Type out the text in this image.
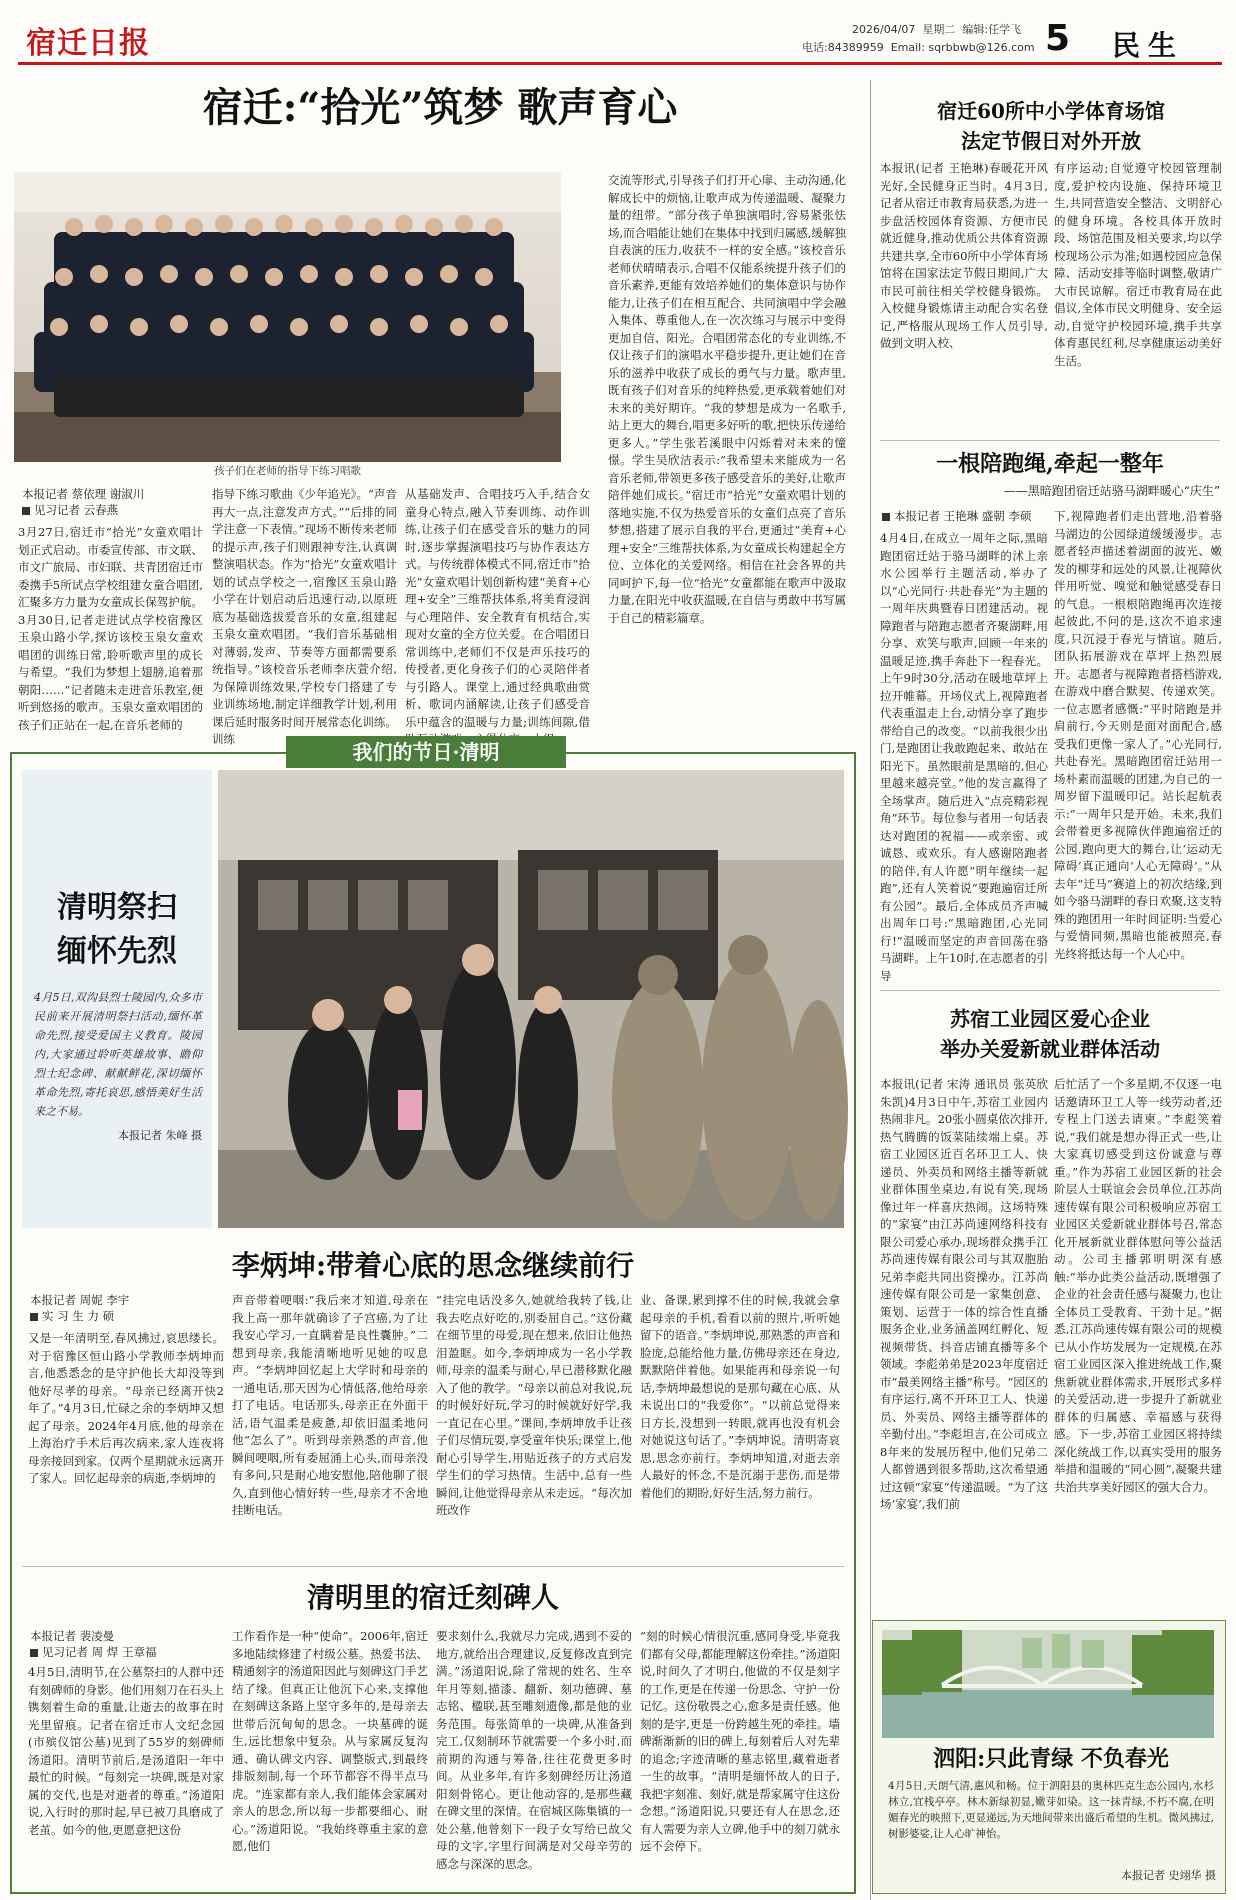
宿迁日报	2026/04/07 星期二 编辑:任学飞
电话:84389959 Email: sqrbbwb@126.com 5 民生
宿迁:“拾光”筑梦 歌声育心
孩子们在老师的指导下练习唱歌
本报记者 蔡依理 谢淑川
见习记者 云春燕
3月27日,宿迁市“拾光”女童欢唱计划正式启动。市委宣传部、市文联、市文广旅局、市妇联、共青团宿迁市委携手5所试点学校组建女童合唱团,汇聚多方力量为女童成长保驾护航。3月30日,记者走进试点学校宿豫区玉泉山路小学,探访该校玉泉女童欢唱团的训练日常,聆听歌声里的成长与希望。“我们为梦想上翅膀,追着那朝阳……”记者随未走进音乐教室,便听到悠扬的歌声。玉泉女童欢唱团的孩子们正站在一起,在音乐老师的
指导下练习歌曲《少年追光》。“声音再大一点,注意发声方式。”“后排的同学注意一下表情。”现场不断传来老师的提示声,孩子们则跟神专注,认真调整演唱状态。作为“拾光”女童欢唱计划的试点学校之一,宿豫区玉泉山路小学在计划启动后迅速行动,以原班底为基础选拔爱音乐的女童,组建起玉泉女童欢唱团。“我们音乐基础相对薄弱,发声、节奏等方面都需要系统指导。”该校音乐老师李庆萱介绍,为保障训练效果,学校专门搭建了专业训练场地,制定详细教学计划,利用课后延时服务时间开展常态化训练。训练
从基础发声、合唱技巧入手,结合女童身心特点,融入节奏训练、动作训练,让孩子们在感受音乐的魅力的同时,逐步掌握演唱技巧与协作表达方式。与传统群体模式不同,宿迁市“拾光”女童欢唱计划创新构建“美育+心理+安全”三维帮扶体系,将美育浸润与心理陪伴、安全教育有机结合,实现对女童的全方位关爱。在合唱团日常训练中,老师们不仅是声乐技巧的传授者,更化身孩子们的心灵陪伴者与引路人。课堂上,通过经典歌曲赏析、歌词内涵解读,让孩子们感受音乐中蕴含的温暖与力量;训练间隙,借
交流等形式,引导孩子们打开心扉、主动沟通,化解成长中的烦恼,让歌声成为传递温暖、凝聚力量的纽带。“部分孩子单独演唱时,容易紧张怯场,而合唱能让她们在集体中找到归属感,缓解独自表演的压力,收获不一样的安全感。”该校音乐老师伏晴晴表示,合唱不仅能系统提升孩子们的音乐素养,更能有效培养她们的集体意识与协作能力,让孩子们在相互配合、共同演唱中学会融入集体、尊重他人,在一次次练习与展示中变得更加自信、阳光。合唱团常态化的专业训练,不仅让孩子们的演唱水平稳步提升,更让她们在音乐的滋养中收获了成长的勇气与力量。歌声里,既有孩子们对音乐的纯粹热爱,更承载着她们对未来的美好期许。“我的梦想是成为一名歌手,站上更大的舞台,唱更多好听的歌,把快乐传递给更多人。”学生张若溪眼中闪烁着对未来的憧憬。学生吴欣洁表示:“我希望未来能成为一名音乐老师,带领更多孩子感受音乐的美好,让歌声陪伴她们成长。”宿迁市“拾光”女童欢唱计划的落地实施,不仅为热爱音乐的女童们点亮了音乐梦想,搭建了展示自我的平台,更通过“美育+心理+安全”三维帮扶体系,为女童成长构建起全方位、立体化的关爱网络。相信在社会各界的共同呵护下,每一位“拾光”女童都能在歌声中汲取力量,在阳光中收获温暖,在自信与勇敢中书写属于自己的精彩篇章。
宿迁60所中小学体育场馆
法定节假日对外开放
本报讯(记者 王艳琳)春暖花开风光好,全民健身正当时。4月3日,记者从宿迁市教育局获悉,为进一步盘活校园体育资源、方便市民就近健身,推动优质公共体育资源共建共享,全市60所中小学体育场馆将在国家法定节假日期间,广大市民可前往相关学校健身锻炼。入校健身锻炼请主动配合实名登记,严格服从现场工作人员引导,做到文明入校、
有序运动;自觉遵守校园管理制度,爱护校内设施、保持环境卫生,共同营造安全整洁、文明舒心的健身环境。各校具体开放时段、场馆范围及相关要求,均以学校现场公示为准;如遇校园应急保障、活动安排等临时调整,敬请广大市民谅解。宿迁市教育局在此倡议,全体市民文明健身、安全运动,自觉守护校园环境,携手共享体育惠民红利,尽享健康运动美好生活。
一根陪跑绳,牵起一整年
——黑暗跑团宿迁站骆马湖畔暖心“庆生”
本报记者 王艳琳 盛朝 李硕
4月4日,在成立一周年之际,黑暗跑团宿迁站于骆马湖畔的沭上亲水公园举行主题活动,举办了以“心光同行·共赴春光”为主题的一周年庆典暨春日团建活动。视障跑者与陪跑志愿者齐聚湖畔,用分享、欢笑与歌声,回顾一年来的温暖足迹,携手奔赴下一程春光。上午9时30分,活动在暖地草坪上拉开帷幕。开场仪式上,视障跑者代表重温走上台,动情分享了跑步带给自己的改变。“以前我很少出门,是跑团让我敢跑起来、敢站在阳光下。虽然眼前是黑暗的,但心里越来越亮堂。”他的发言赢得了全场掌声。随后进入“点亮精彩视角”环节。每位参与者用一句话表达对跑团的祝福——或亲密、或诚恳、或欢乐。有人感谢陪跑者的陪伴,有人许愿“明年继续一起跑”,还有人笑着说“要跑遍宿迁所有公园”。最后,全体成员齐声喊出周年口号:“黑暗跑团,心光同行!”温暖而坚定的声音回荡在骆马湖畔。上午10时,在志愿者的引导
下,视障跑者们走出营地,沿着骆马湖边的公园绿道缓缓漫步。志愿者轻声描述着湖面的波光、嫩发的柳芽和远处的风景,让视障伙伴用听觉、嗅觉和触觉感受春日的气息。一根根陪跑绳再次连接起彼此,不问的是,这次不追求速度,只沉浸于春光与情谊。随后,团队拓展游戏在草坪上热烈展开。志愿者与视障跑者搭档游戏,在游戏中磨合默契、传递欢笑。一位志愿者感慨:“平时陪跑是并肩前行,今天则是面对面配合,感受我们更像一家人了。”心光同行,共赴春光。黑暗跑团宿迁站用一场朴素而温暖的团建,为自己的一周岁留下温暖印记。站长起航表示:“一周年只是开始。未来,我们会带着更多视障伙伴跑遍宿迁的公园,跑向更大的舞台,让‘运动无障碍’真正通向‘人心无障碍’。”从去年“迁马”赛道上的初次结缘,到如今骆马湖畔的春日欢聚,这支特殊的跑团用一年时间证明:当爱心与爱情同频,黑暗也能被照亮,春光终将抵达每一个人心中。
苏宿工业园区爱心企业
举办关爱新就业群体活动
本报讯(记者 宋涛 通讯员 张英欣 朱凯)4月3日中午,苏宿工业园内热闹非凡。20张小圆桌依次排开,热气腾腾的饭菜陆续端上桌。苏宿工业园区近百名环卫工人、快递员、外卖员和网络主播等新就业群体围坐桌边,有说有笑,现场像过年一样喜庆热闹。这场特殊的“家宴”由江苏尚速网络科技有限公司爱心承办,现场群众携手江苏尚速传媒有限公司与其双胞胎兄弟李彪共同出资操办。江苏尚速传媒有限公司是一家集创意、策划、运营于一体的综合性直播服务企业,业务涵盖网红孵化、短视频带货、抖音店铺直播等多个领域。李彪弟弟是2023年度宿迁市“最美网络主播”称号。“园区的有序运行,离不开环卫工人、快递员、外卖员、网络主播等群体的辛勤付出。”李彪坦言,在公司成立8年来的发展历程中,他们兄弟二人都曾遇到很多帮助,这次希望通过这顿“家宴”传递温暖。“为了这场‘家宴’,我们前
后忙活了一个多星期,不仅逐一电话邀请环卫工人等一线劳动者,还专程上门送去请柬。”李彪笑着说,“我们就是想办得正式一些,让大家真切感受到这份诚意与尊重。”作为苏宿工业园区新的社会阶层人士联谊会会员单位,江苏尚速传媒有限公司积极响应苏宿工业园区关爱新就业群体号召,常态化开展新就业群体慰问等公益活动。公司主播郭明明深有感触:“举办此类公益活动,既增强了企业的社会责任感与凝聚力,也让全体员工受教育、干劲十足。”据悉,江苏尚速传媒有限公司的规模已从小作坊发展为一定规模,在苏宿工业园区深入推进统战工作,聚焦新就业群体需求,开展形式多样的关爱活动,进一步提升了新就业群体的归属感、幸福感与获得感。下一步,苏宿工业园区将持续深化统战工作,以真实受用的服务举措和温暖的“同心圆”,凝聚共建共治共享美好园区的强大合力。
泗阳:只此青绿 不负春光
4月5日,天朗气清,惠风和畅。位于泗阳县的奥林匹克生态公园内,水杉林立,宜栈亭亭。林木新绿初显,嫩芽如染。这一抹青绿,不朽不腐,在明媚春光的映照下,更显递远,为天地间带来出盛后希望的生机。微风拂过,树影婆娑,让人心旷神怡。
本报记者 史翊华 摄
我们的节日·清明
清明祭扫
缅怀先烈
4月5日,双沟县烈士陵园内,众多市民前来开展清明祭扫活动,缅怀革命先烈,接受爱国主义教育。陵园内,大家通过聆听英雄故事、瞻仰烈士纪念碑、献献鲜花,深切缅怀革命先烈,寄托哀思,感悟美好生活来之不易。
本报记者 朱峰 摄
李炳坤:带着心底的思念继续前行
本报记者 周妮 李宇
实 习 生 力 硕
又是一年清明至,春风拂过,哀思缕长。对于宿豫区恒山路小学教师李炳坤而言,他悉悉念的是守护他长大却没等到他好尽孝的母亲。“母亲已经离开快2年了。”4月3日,忙碌之余的李炳坤又想起了母亲。2024年4月底,他的母亲在上海治疗手术后再次病来,家人连夜将母亲接回到家。仅两个星期就永远离开了家人。回忆起母亲的病逝,李炳坤的
声音带着哽咽:“我后来才知道,母亲在我上高一那年就确诊了子宫癌,为了让我安心学习,一直瞒着是良性囊肿。”二想到母亲,我能清晰地听见她的叹息声。“李炳坤回忆起上大学时和母亲的一通电话,那天因为心情低落,他给母亲打了电话。电话那头,母亲正在外面干活,语气温柔是疲惫,却依旧温柔地问他“怎么了”。听到母亲熟悉的声音,他瞬间哽咽,所有委屈涌上心头,而母亲没有多问,只是耐心地安慰他,陪他聊了很久,直到他心情好转一些,母亲才不舍地挂断电话。
“挂完电话没多久,她就给我转了钱,让我去吃点好吃的,别委屈自己。”这份藏在细节里的母爱,现在想来,依旧让他热泪盈眶。如今,李炳坤成为一名小学教师,母亲的温柔与耐心,早已潜移默化融入了他的教学。“母亲以前总对我说,玩的时候好好玩,学习的时候就好好学,我一直记在心里。”课间,李炳坤放手让孩子们尽情玩耍,享受童年快乐;课堂上,他耐心引导学生,用贴近孩子的方式启发学生们的学习热情。生活中,总有一些瞬间,让他觉得母亲从未走远。“每次加班改作
业、备课,累到撑不住的时候,我就会拿起母亲的手机,看看以前的照片,听听她留下的语音。”李炳坤说,那熟悉的声音和脸庞,总能给他力量,仿佛母亲还在身边,默默陪伴着他。如果能再和母亲说一句话,李炳坤最想说的是那句藏在心底、从未说出口的“我爱你”。“以前总觉得来日方长,没想到一转眼,就再也没有机会对她说这句话了。”李炳坤说。清明寄哀思,思念亦前行。李炳坤知道,对逝去亲人最好的怀念,不是沉溺于悲伤,而是带着他们的期盼,好好生活,努力前行。
清明里的宿迁刻碑人
本报记者 裴凌曼
见习记者 周 焊 王章福
4月5日,清明节,在公墓祭扫的人群中还有刻碑师的身影。他们用刻刀在石头上镌刻着生命的重量,让逝去的故事在时光里留痕。记者在宿迁市人文纪念园(市殡仪馆公墓)见到了55岁的刻碑师汤道阳。清明节前后,是汤道阳一年中最忙的时候。“每刻完一块碑,既是对家属的交代,也是对逝者的尊重。”汤道阳说,入行时的那时起,早已被刀具磨成了老茧。如今的他,更愿意把这份
工作看作是一种“使命”。2006年,宿迁多地陆续修建了村级公墓。热爱书法、精通刻字的汤道阳因此与刻碑这门手艺结了缘。但真正让他沉下心来,支撑他在刻碑这条路上坚守多年的,是母亲去世带后沉甸甸的思念。一块墓碑的诞生,远比想象中复杂。从与家属反复沟通、确认碑文内容、调整版式,到最终排版刻制,每一个环节都容不得半点马虎。“连家都有亲人,我们能体会家属对亲人的思念,所以每一步都要细心、耐心。”汤道阳说。“我始终尊重主家的意愿,他们
要求刻什么,我就尽力完成,遇到不妥的地方,就给出合理建议,反复修改直到完满。”汤道阳说,除了常规的姓名、生卒年月等刻,描漆、翻新、刻功德碑、墓志铭、楹联,甚至雕刻遗像,都是他的业务范围。每张简单的一块碑,从准备到完工,仅刻制环节就需要一个多小时,而前期的沟通与筹备,往往花费更多时间。从业多年,有许多刻碑经历让汤道阳刻骨铭心。更让他动容的,是那些藏在碑文里的深情。在宿城区陈集镇的一处公墓,他曾刻下一段子女写给已故父母的文字,字里行间满是对父母辛劳的感念与深深的思念。
“刻的时候心情很沉重,感同身受,毕竟我们都有父母,都能理解这份牵挂。”汤道阳说,时间久了才明白,他做的不仅是刻字的工作,更是在传递一份思念、守护一份记忆。这份敬畏之心,愈多是责任感。他刻的是字,更是一份跨越生死的牵挂。墙碑渐渐新的旧的碑上,每刻着后人对先辈的追念;字迹清晰的墓志铭里,藏着逝者一生的故事。“清明是缅怀故人的日子,我把字刻准、刻好,就是帮家属守住这份念想。”汤道阳说,只要还有人在思念,还有人需要为亲人立碑,他手中的刻刀就永远不会停下。
